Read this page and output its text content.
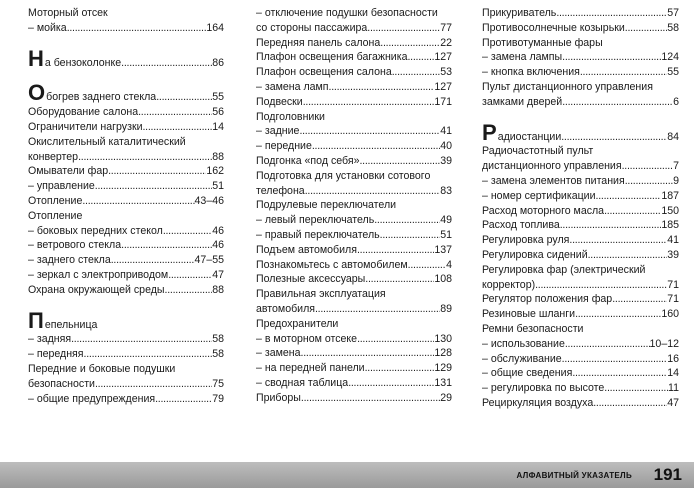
Моторный отсек
– мойка . . .	164
Н а бензоколонке . . .	86
О богрев заднего стекла . . .	55
Оборудование салона . . .	56
Ограничители нагрузки . . .	14
Окислительный каталитический
конвертер . . .	88
Омыватели фар . . .	162
– управление . . .	51
Отопление . . .	43–46
Отопление
– боковых передних стекол . . .	46
– ветрового стекла . . .	46
– заднего стекла . . .	47–55
– зеркал с электроприводом . . .	47
Охрана окружающей среды . . .	88
П епельница
– задняя . . .	58
– передняя . . .	58
Передние и боковые подушки
безопасности . . .	75
– общие предупреждения . . .	79
– отключение подушки безопасности
со стороны пассажира . . .	77
Передняя панель салона . . .	22
Плафон освещения багажника . . .	127
Плафон освещения салона . . .	53
– замена ламп . . .	127
Подвески . . .	171
Подголовники
– задние . . .	41
– передние . . .	40
Подгонка «под себя» . . .	39
Подготовка для установки сотового
телефона . . .	83
Подрулевые переключатели
– левый переключатель . . .	49
– правый переключатель . . .	51
Подъем автомобиля . . .	137
Познакомьтесь с автомобилем . . .	4
Полезные аксессуары . . .	108
Правильная эксплуатация
автомобиля . . .	89
Предохранители
– в моторном отсеке . . .	130
– замена . . .	128
– на передней панели . . .	129
– сводная таблица . . .	131
Приборы . . .	29
Прикуриватель . . .	57
Противосолнечные козырьки . . .	58
Противотуманные фары
– замена лампы . . .	124
– кнопка включения . . .	55
Пульт дистанционного управления
замками дверей . . .	6
Р адиостанции . . .	84
Радиочастотный пульт
дистанционного управления . . .	7
– замена элементов питания . . .	9
– номер сертификации . . .	187
Расход моторного масла . . .	150
Расход топлива . . .	185
Регулировка руля . . .	41
Регулировка сидений . . .	39
Регулировка фар (электрический
корректор) . . .	71
Регулятор положения фар . . .	71
Резиновые шланги . . .	160
Ремни безопасности
– использование . . .	10–12
– обслуживание . . .	16
– общие сведения . . .	14
– регулировка по высоте . . .	11
Рециркуляция воздуха . . .	47
АЛФАВИТНЫЙ УКАЗАТЕЛЬ 191
